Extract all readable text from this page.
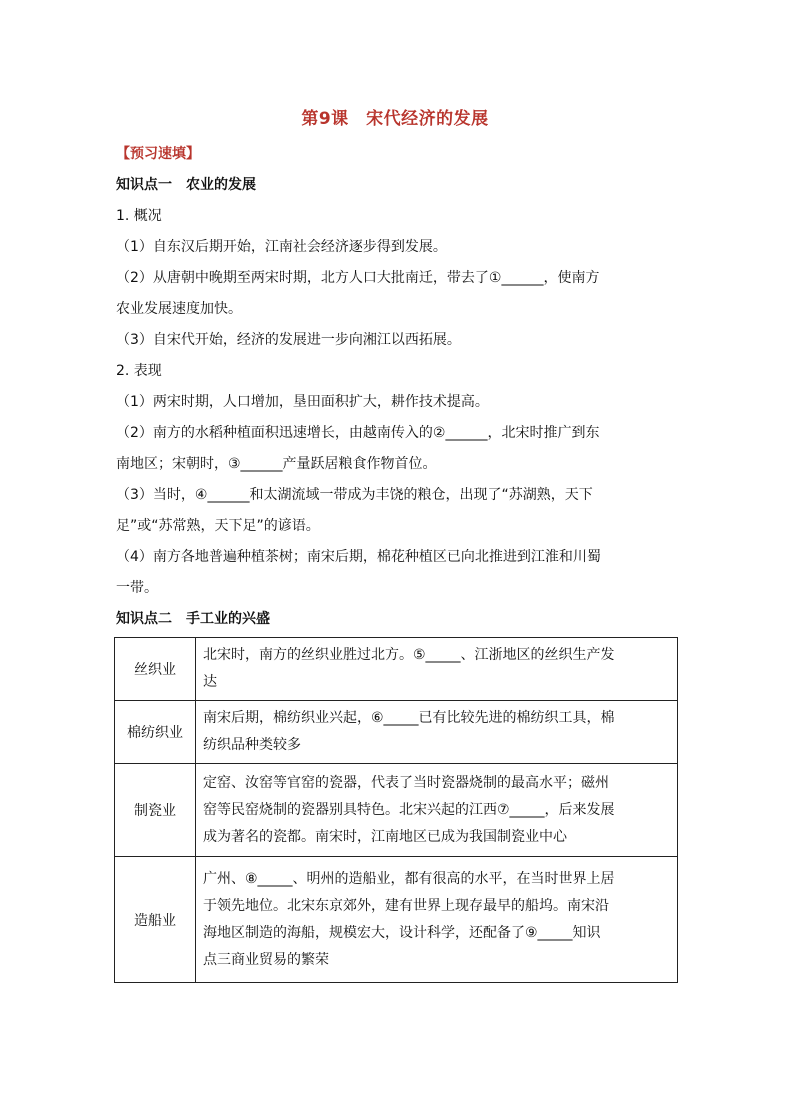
第9课　宋代经济的发展
【预习速填】
知识点一　农业的发展
1. 概况
（1）自东汉后期开始，江南社会经济逐步得到发展。
（2）从唐朝中晚期至两宋时期，北方人口大批南迁，带去了①______，使南方
农业发展速度加快。
（3）自宋代开始，经济的发展进一步向湘江以西拓展。
2. 表现
（1）两宋时期，人口增加，垦田面积扩大，耕作技术提高。
（2）南方的水稻种植面积迅速增长，由越南传入的②______，北宋时推广到东
南地区；宋朝时，③______产量跃居粮食作物首位。
（3）当时，④______和太湖流域一带成为丰饶的粮仓，出现了“苏湖熟，天下
足”或“苏常熟，天下足”的谚语。
（4）南方各地普遍种植茶树；南宋后期，棉花种植区已向北推进到江淮和川蜀
一带。
知识点二　手工业的兴盛
丝织业	北宋时，南方的丝织业胜过北方。⑤_____、江浙地区的丝织生产发
达

棉纺织业	南宋后期，棉纺织业兴起，⑥_____已有比较先进的棉纺织工具，棉
纺织品种类较多

制瓷业	定窑、汝窑等官窑的瓷器，代表了当时瓷器烧制的最高水平；磁州
窑等民窑烧制的瓷器别具特色。北宋兴起的江西⑦_____，后来发展
成为著名的瓷都。南宋时，江南地区已成为我国制瓷业中心

造船业	广州、⑧_____、明州的造船业，都有很高的水平，在当时世界上居
于领先地位。北宋东京郊外，建有世界上现存最早的船坞。南宋沿
海地区制造的海船，规模宏大，设计科学，还配备了⑨_____知识
点三商业贸易的繁荣
